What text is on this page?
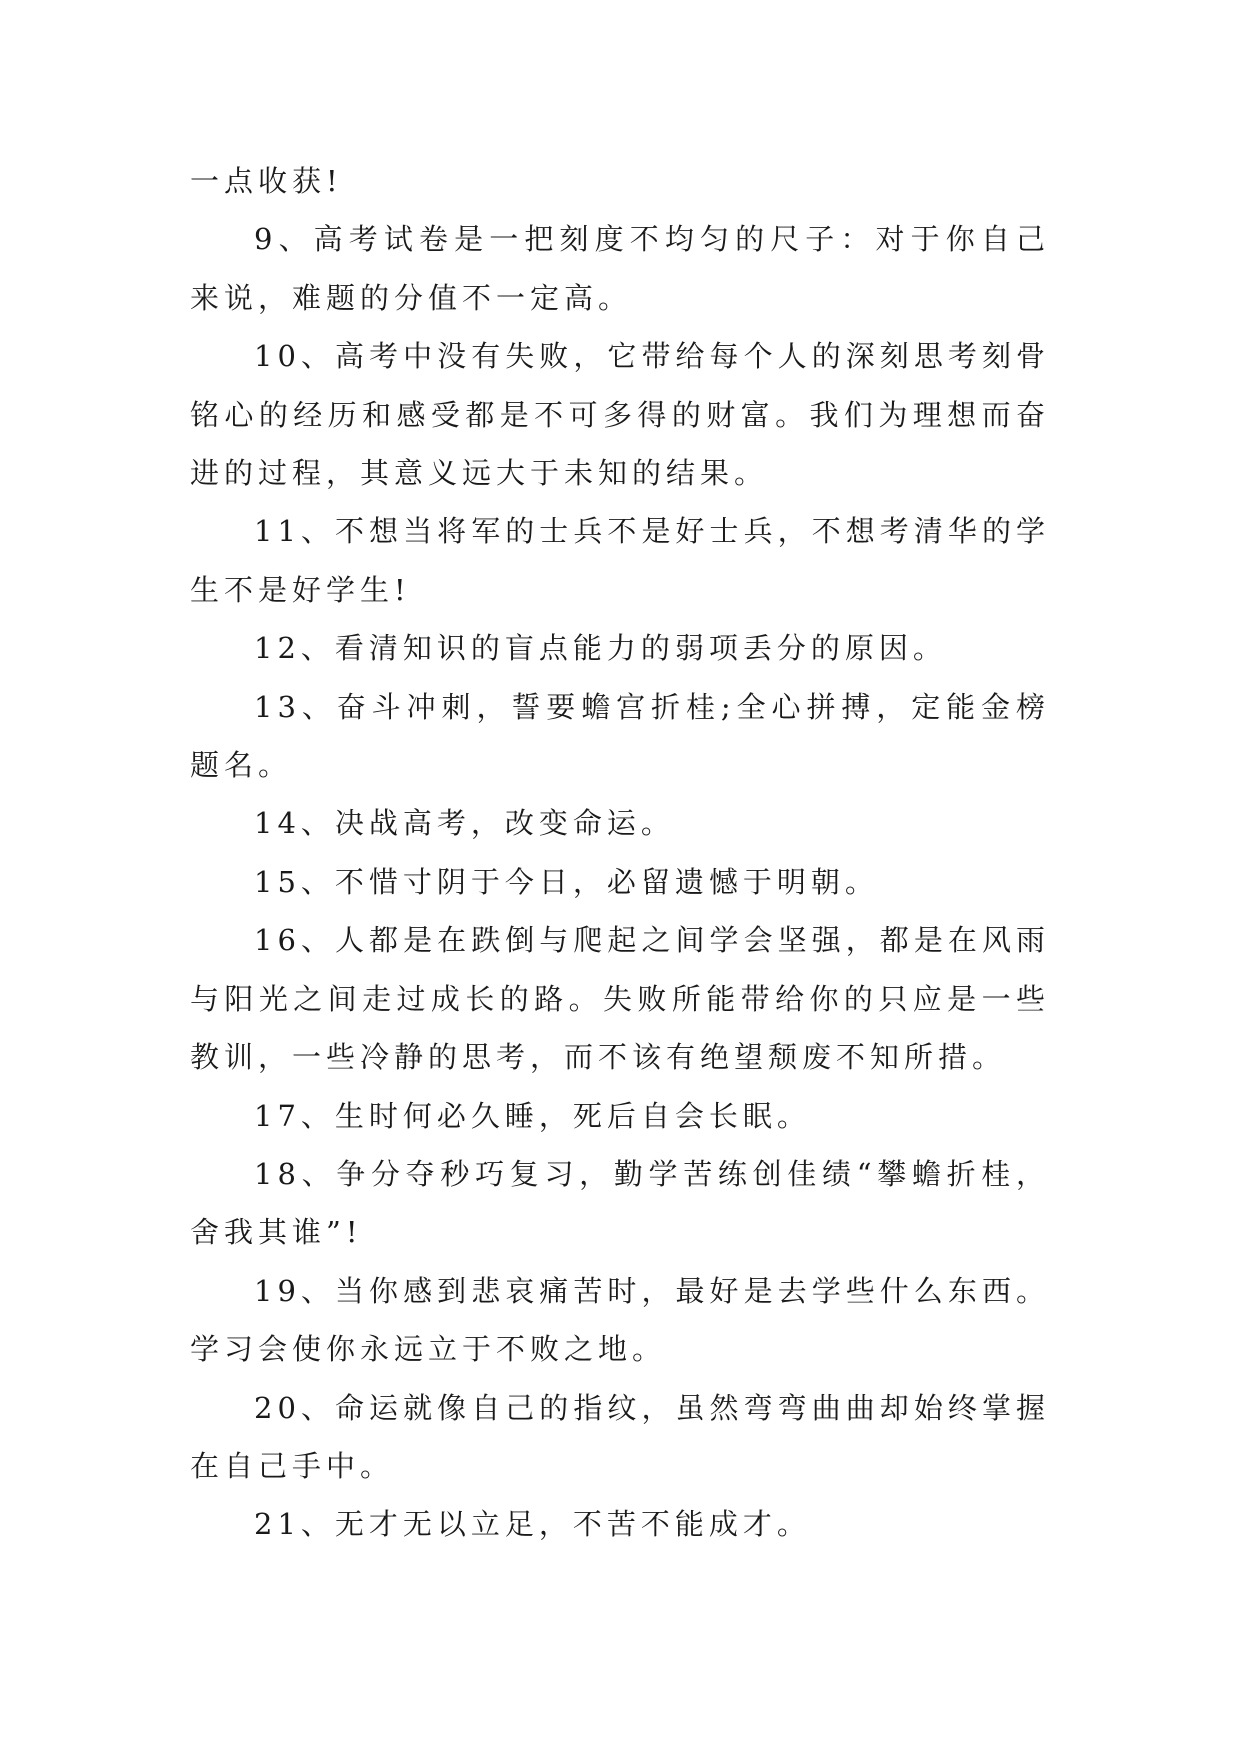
一点收获!

9、高考试卷是一把刻度不均匀的尺子：对于你自己来说，难题的分值不一定高。

10、高考中没有失败，它带给每个人的深刻思考刻骨铭心的经历和感受都是不可多得的财富。我们为理想而奋进的过程，其意义远大于未知的结果。

11、不想当将军的士兵不是好士兵，不想考清华的学生不是好学生!

12、看清知识的盲点能力的弱项丢分的原因。

13、奋斗冲刺，誓要蟾宫折桂;全心拼搏，定能金榜题名。

14、决战高考，改变命运。

15、不惜寸阴于今日，必留遗憾于明朝。

16、人都是在跌倒与爬起之间学会坚强，都是在风雨与阳光之间走过成长的路。失败所能带给你的只应是一些教训，一些冷静的思考，而不该有绝望颓废不知所措。

17、生时何必久睡，死后自会长眠。

18、争分夺秒巧复习，勤学苦练创佳绩“攀蟾折桂，舍我其谁”!

19、当你感到悲哀痛苦时，最好是去学些什么东西。学习会使你永远立于不败之地。

20、命运就像自己的指纹，虽然弯弯曲曲却始终掌握在自己手中。

21、无才无以立足，不苦不能成才。
